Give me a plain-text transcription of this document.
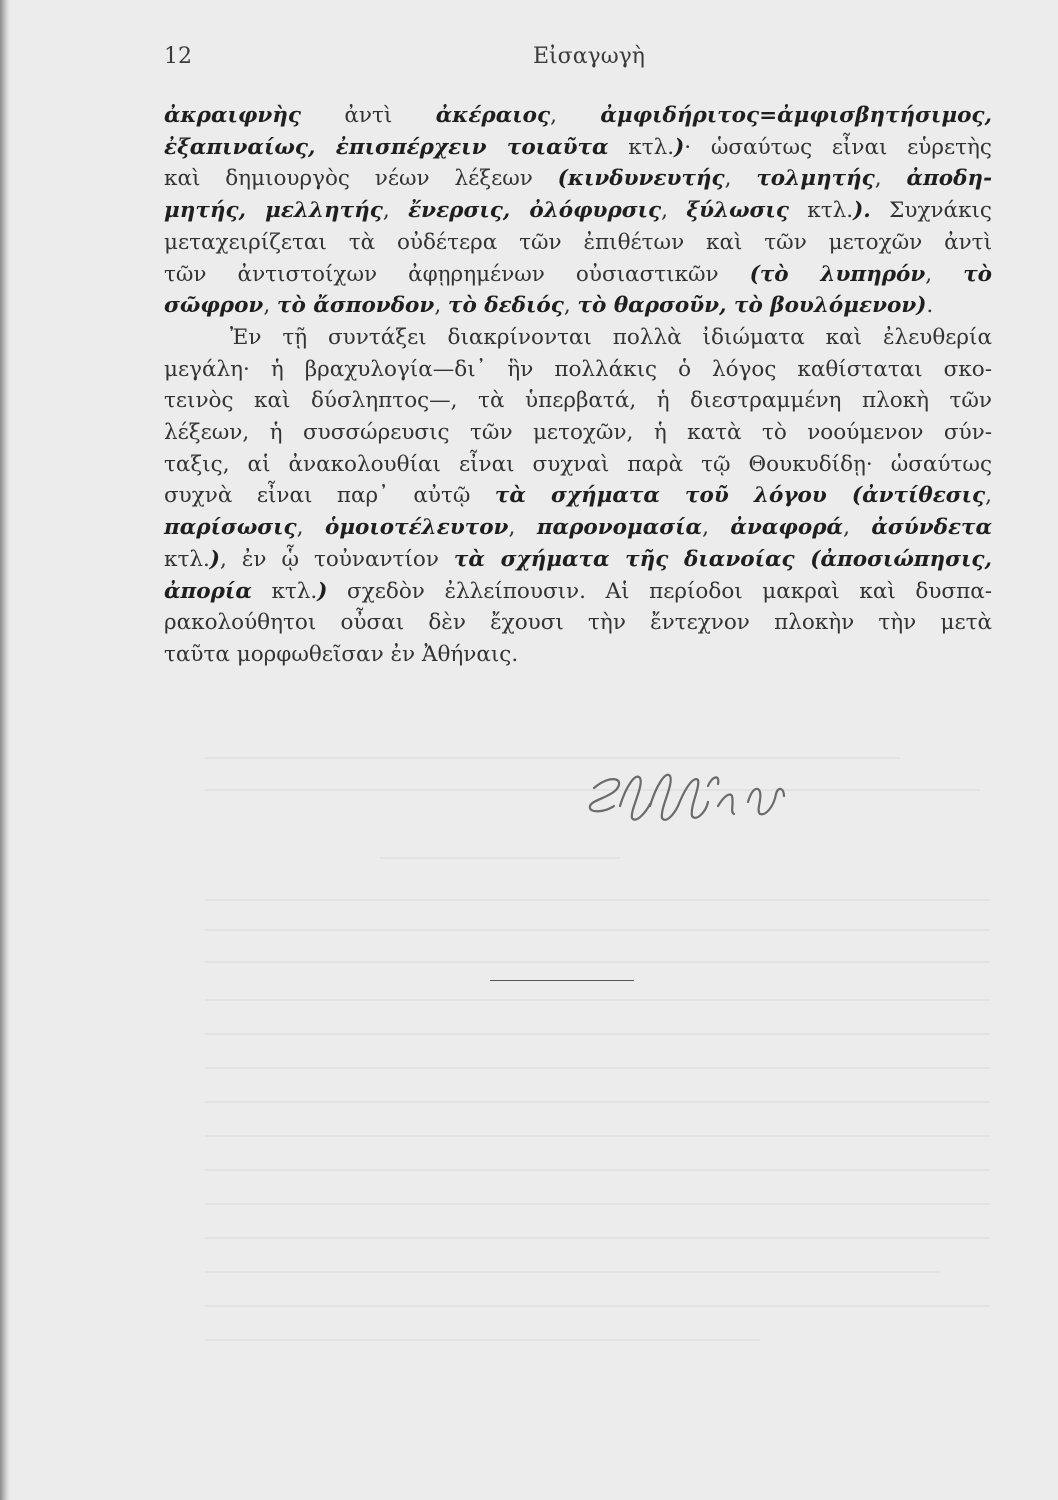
12	Εἰσαγωγὴ
ἀκραιφνὴς ἀντὶ ἀκέραιος, ἀμφιδήριτος=ἀμφισβητήσιμος,
ἐξαπιναίως, ἐπισπέρχειν τοιαῦτα κτλ.)· ὡσαύτως εἶναι εὑρετὴς
καὶ δημιουργὸς νέων λέξεων (κινδυνευτής, τολμητής, ἀποδη-
μητής, μελλητής, ἔνερσις, ὀλόφυρσις, ξύλωσις κτλ.). Συχνάκις
μεταχειρίζεται τὰ οὐδέτερα τῶν ἐπιθέτων καὶ τῶν μετοχῶν ἀντὶ
τῶν ἀντιστοίχων ἀφῃρημένων οὐσιαστικῶν (τὸ λυπηρόν, τὸ
σῶφρον, τὸ ἄσπονδον, τὸ δεδιός, τὸ θαρσοῦν, τὸ βουλόμενον).
Ἐν τῇ συντάξει διακρίνονται πολλὰ ἰδιώματα καὶ ἐλευθερία
μεγάλη· ἡ βραχυλογία—δι᾽ ἣν πολλάκις ὁ λόγος καθίσταται σκο-
τεινὸς καὶ δύσληπτος—, τὰ ὑπερβατά, ἡ διεστραμμένη πλοκὴ τῶν
λέξεων, ἡ συσσώρευσις τῶν μετοχῶν, ἡ κατὰ τὸ νοούμενον σύν-
ταξις, αἱ ἀνακολουθίαι εἶναι συχναὶ παρὰ τῷ Θουκυδίδῃ· ὡσαύτως
συχνὰ εἶναι παρ᾽ αὐτῷ τὰ σχήματα τοῦ λόγου (ἀντίθεσις,
παρίσωσις, ὁμοιοτέλευτον, παρονομασία, ἀναφορά, ἀσύνδετα
κτλ.), ἐν ᾧ τοὐναντίον τὰ σχήματα τῆς διανοίας (ἀποσιώπησις,
ἀπορία κτλ.) σχεδὸν ἐλλείπουσιν. Αἱ περίοδοι μακραὶ καὶ δυσπα-
ρακολούθητοι οὖσαι δὲν ἔχουσι τὴν ἔντεχνον πλοκὴν τὴν μετὰ
ταῦτα μορφωθεῖσαν ἐν Ἀθήναις.
